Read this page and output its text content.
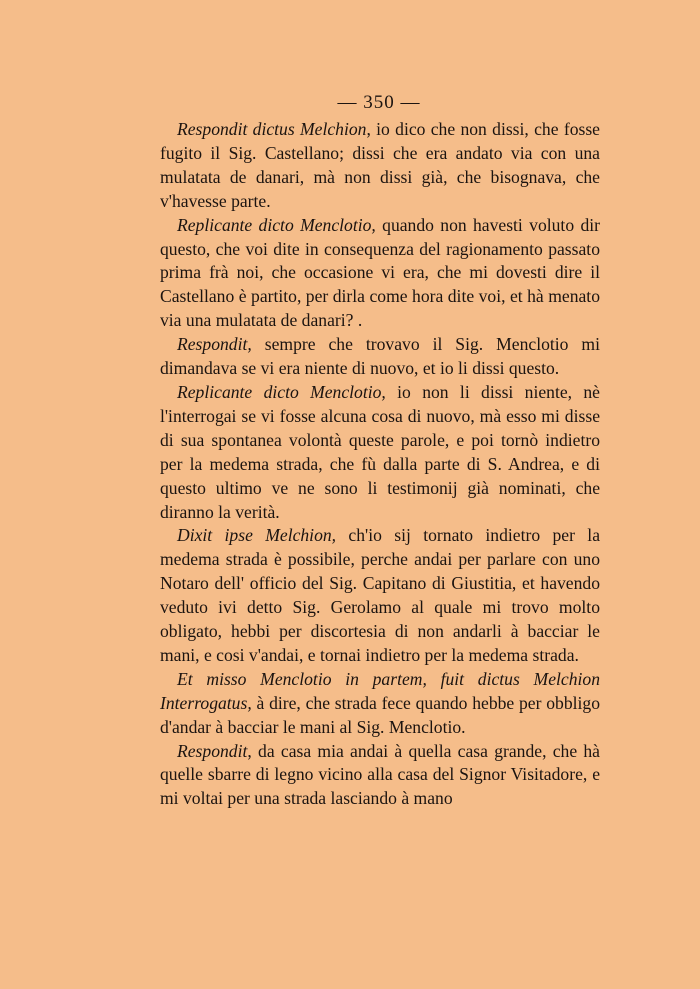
— 350 —

Respondit dictus Melchion, io dico che non dissi, che fosse fugito il Sig. Castellano; dissi che era andato via con una mulatata de danari, mà non dissi già, che bisognava, che v'havesse parte.

Replicante dicto Menclotio, quando non havesti voluto dir questo, che voi dite in consequenza del ragionamento passato prima frà noi, che occasione vi era, che mi dovesti dire il Castellano è partito, per dirla come hora dite voi, et hà menato via una mulatata de danari? .

Respondit, sempre che trovavo il Sig. Menclotio mi dimandava se vi era niente di nuovo, et io li dissi questo.

Replicante dicto Menclotio, io non li dissi niente, nè l'interrogai se vi fosse alcuna cosa di nuovo, mà esso mi disse di sua spontanea volontà queste parole, e poi tornò indietro per la medema strada, che fù dalla parte di S. Andrea, e di questo ultimo ve ne sono li testimonij già nominati, che diranno la verità.

Dixit ipse Melchion, ch'io sij tornato indietro per la medema strada è possibile, perche andai per parlare con uno Notaro dell' officio del Sig. Capitano di Giustitia, et havendo veduto ivi detto Sig. Gerolamo al quale mi trovo molto obligato, hebbi per discortesia di non andarli à bacciar le mani, e cosi v'andai, e tornai indietro per la medema strada.

Et misso Menclotio in partem, fuit dictus Melchion Interrogatus, à dire, che strada fece quando hebbe per obbligo d'andar à bacciar le mani al Sig. Menclotio.

Respondit, da casa mia andai à quella casa grande, che hà quelle sbarre di legno vicino alla casa del Signor Visitadore, e mi voltai per una strada lasciando à mano
